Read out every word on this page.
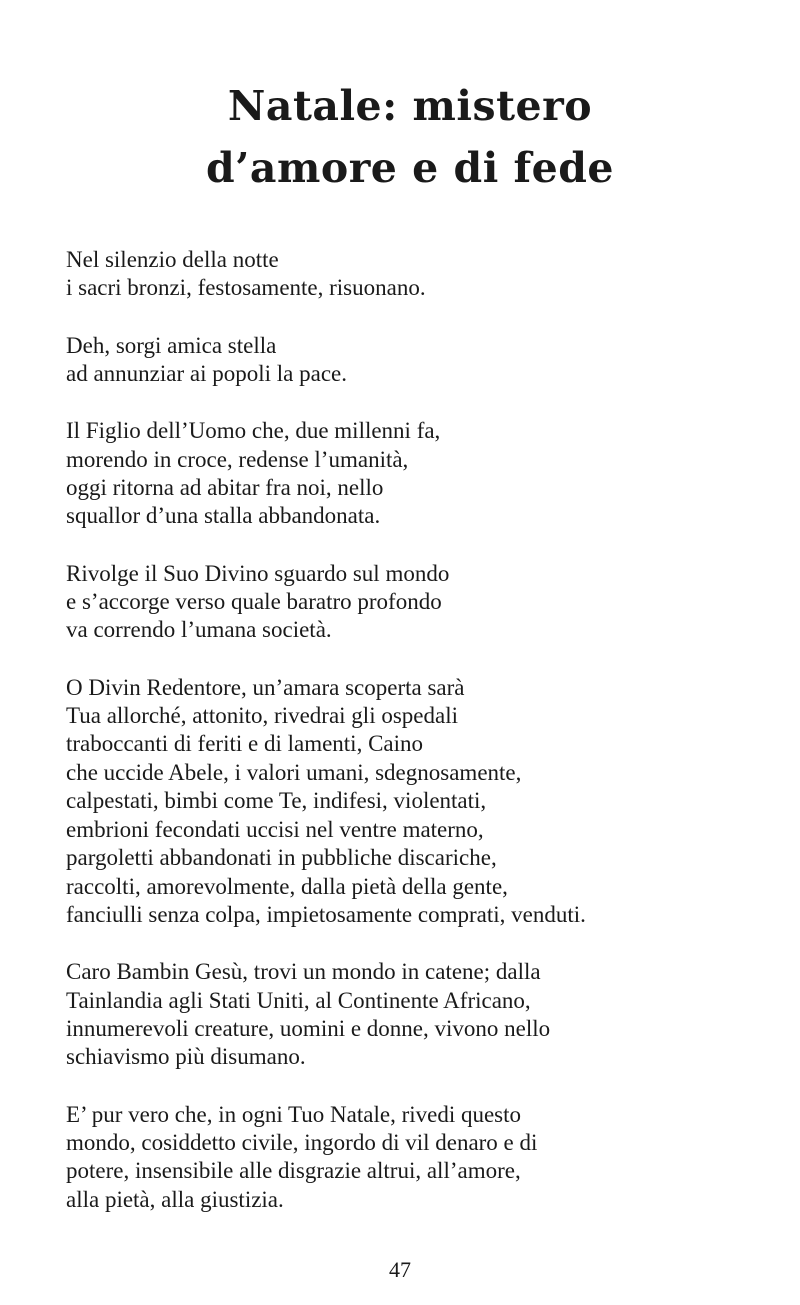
Natale: mistero
d’amore e di fede
Nel silenzio della notte
i sacri bronzi, festosamente, risuonano.
Deh, sorgi amica stella
ad annunziar ai popoli la pace.
Il Figlio dell’Uomo che, due millenni fa,
morendo in croce, redense l’umanità,
oggi ritorna ad abitar fra noi, nello
squallor d’una stalla abbandonata.
Rivolge il Suo Divino sguardo sul mondo
e s’accorge verso quale baratro profondo
va correndo l’umana società.
O Divin Redentore, un’amara scoperta sarà
Tua allorché, attonito, rivedrai gli ospedali
traboccanti di feriti e di lamenti, Caino
che uccide Abele, i valori umani, sdegnosamente,
calpestati, bimbi come Te, indifesi, violentati,
embrioni fecondati uccisi nel ventre materno,
pargoletti abbandonati in pubbliche discariche,
raccolti, amorevolmente, dalla pietà della gente,
fanciulli senza colpa, impietosamente comprati, venduti.
Caro Bambin Gesù, trovi un mondo in catene; dalla
Tainlandia agli Stati Uniti, al Continente Africano,
innumerevoli creature, uomini e donne, vivono nello
schiavismo più disumano.
E’ pur vero che, in ogni Tuo Natale, rivedi questo
mondo, cosiddetto civile, ingordo di vil denaro e di
potere, insensibile alle disgrazie altrui, all’amore,
alla pietà, alla giustizia.
47
